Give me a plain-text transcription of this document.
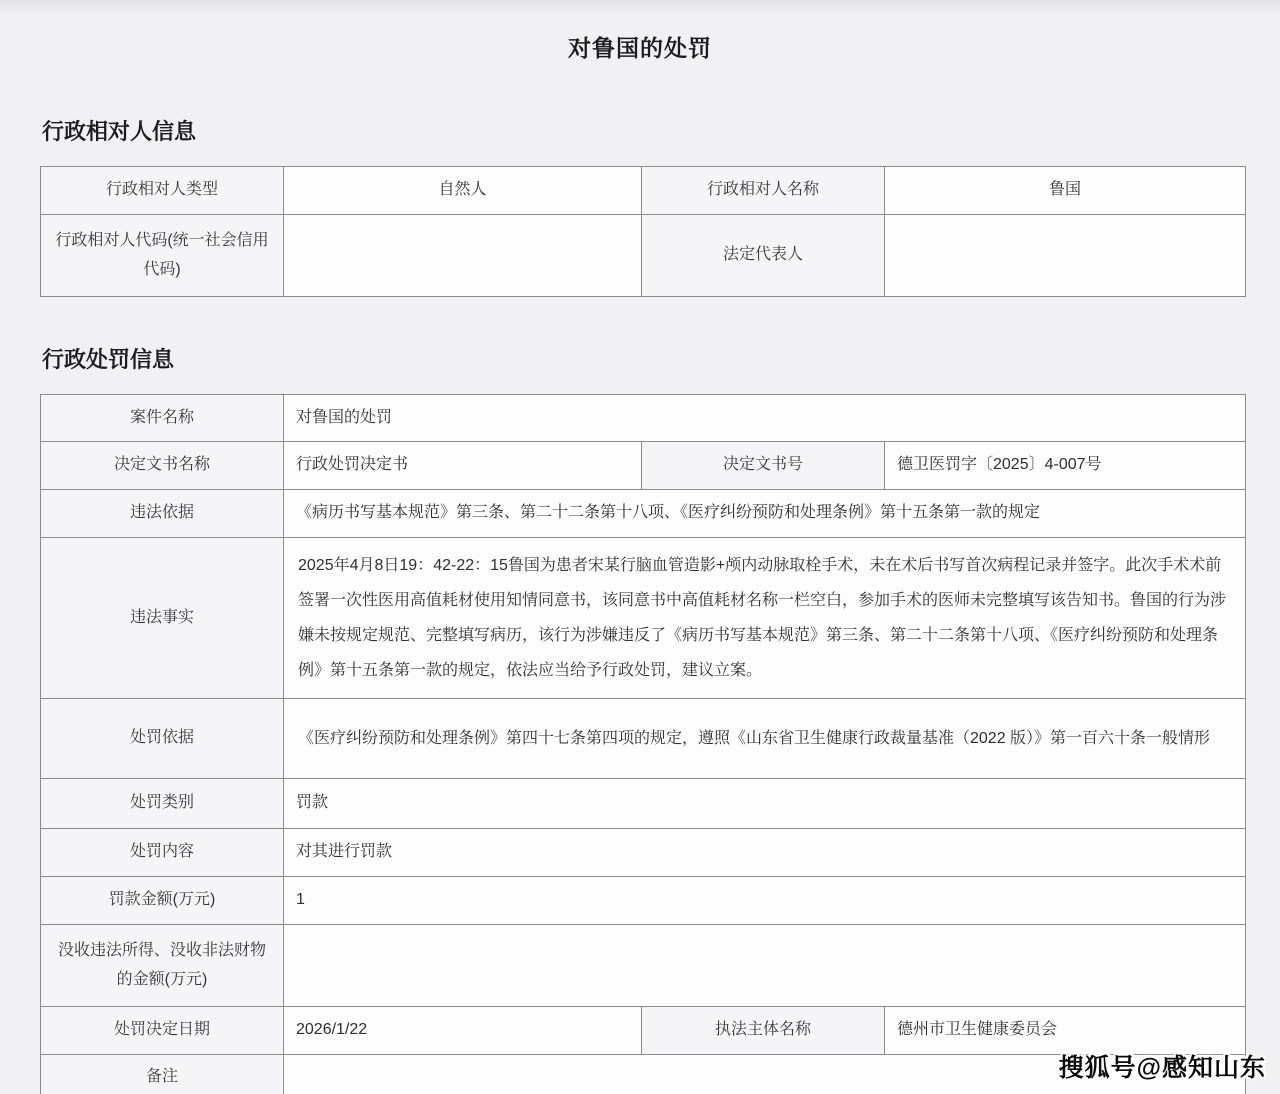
对鲁国的处罚
行政相对人信息
行政相对人类型	自然人	行政相对人名称	鲁国
行政相对人代码(统一社会信用代码)		法定代表人	
行政处罚信息
案件名称	对鲁国的处罚		
决定文书名称	行政处罚决定书	决定文书号	德卫医罚字〔2025〕4-007号
违法依据	《病历书写基本规范》第三条、第二十二条第十八项、《医疗纠纷预防和处理条例》第十五条第一款的规定		
违法事实	2025年4月8日19：42-22：15鲁国为患者宋某行脑血管造影+颅内动脉取栓手术，未在术后书写首次病程记录并签字。此次手术术前签署一次性医用高值耗材使用知情同意书，该同意书中高值耗材名称一栏空白，参加手术的医师未完整填写该告知书。鲁国的行为涉嫌未按规定规范、完整填写病历，该行为涉嫌违反了《病历书写基本规范》第三条、第二十二条第十八项、《医疗纠纷预防和处理条例》第十五条第一款的规定，依法应当给予行政处罚，建议立案。		
处罚依据	《医疗纠纷预防和处理条例》第四十七条第四项的规定，遵照《山东省卫生健康行政裁量基准（2022 版）》第一百六十条一般情形		
处罚类别	罚款		
处罚内容	对其进行罚款		
罚款金额(万元)	1		
没收违法所得、没收非法财物的金额(万元)			
处罚决定日期	2026/1/22	执法主体名称	德州市卫生健康委员会
备注				搜狐号@感知山东
